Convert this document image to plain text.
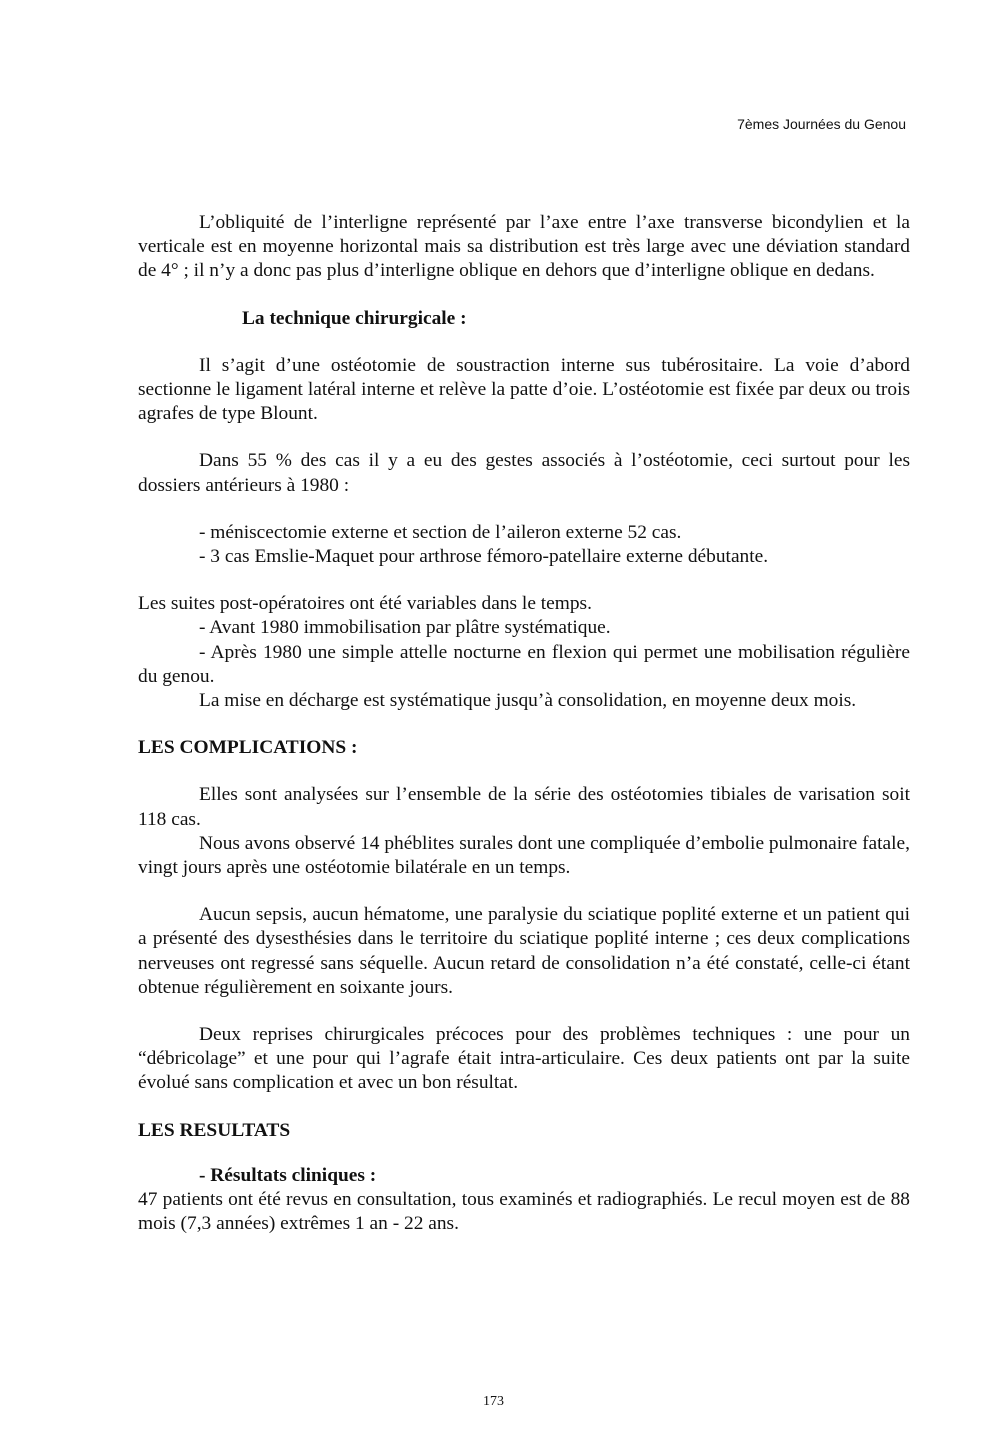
7èmes Journées du Genou

L’obliquité de l’interligne représenté par l’axe entre l’axe transverse bicondylien et la verticale est en moyenne horizontal mais sa distribution est très large avec une déviation standard de 4° ; il n’y a donc pas plus d’interligne oblique en dehors que d’interligne oblique en dedans.

La technique chirurgicale :

Il s’agit d’une ostéotomie de soustraction interne sus tubérositaire. La voie d’abord sectionne le ligament latéral interne et relève la patte d’oie. L’ostéotomie est fixée par deux ou trois agrafes de type Blount.

Dans 55 % des cas il y a eu des gestes associés à l’ostéotomie, ceci surtout pour les dossiers antérieurs à 1980 :

- méniscectomie externe et section de l’aileron externe 52 cas.

- 3 cas Emslie-Maquet pour arthrose fémoro-patellaire externe débutante.

Les suites post-opératoires ont été variables dans le temps.

- Avant 1980 immobilisation par plâtre systématique.

- Après 1980 une simple attelle nocturne en flexion qui permet une mobilisation régulière du genou.

La mise en décharge est systématique jusqu’à consolidation, en moyenne deux mois.

LES COMPLICATIONS :

Elles sont analysées sur l’ensemble de la série des ostéotomies tibiales de varisation soit 118 cas.

Nous avons observé 14 phéblites surales dont une compliquée d’embolie pulmonaire fatale, vingt jours après une ostéotomie bilatérale en un temps.

Aucun sepsis, aucun hématome, une paralysie du sciatique poplité externe et un patient qui a présenté des dysesthésies dans le territoire du sciatique poplité interne ; ces deux complications nerveuses ont regressé sans séquelle. Aucun retard de consolidation n’a été constaté, celle-ci étant obtenue régulièrement en soixante jours.

Deux reprises chirurgicales précoces pour des problèmes techniques : une pour un “débricolage” et une pour qui l’agrafe était intra-articulaire. Ces deux patients ont par la suite évolué sans complication et avec un bon résultat.

LES RESULTATS

- Résultats cliniques :

47 patients ont été revus en consultation, tous examinés et radiographiés. Le recul moyen est de 88 mois (7,3 années) extrêmes 1 an - 22 ans.

173
